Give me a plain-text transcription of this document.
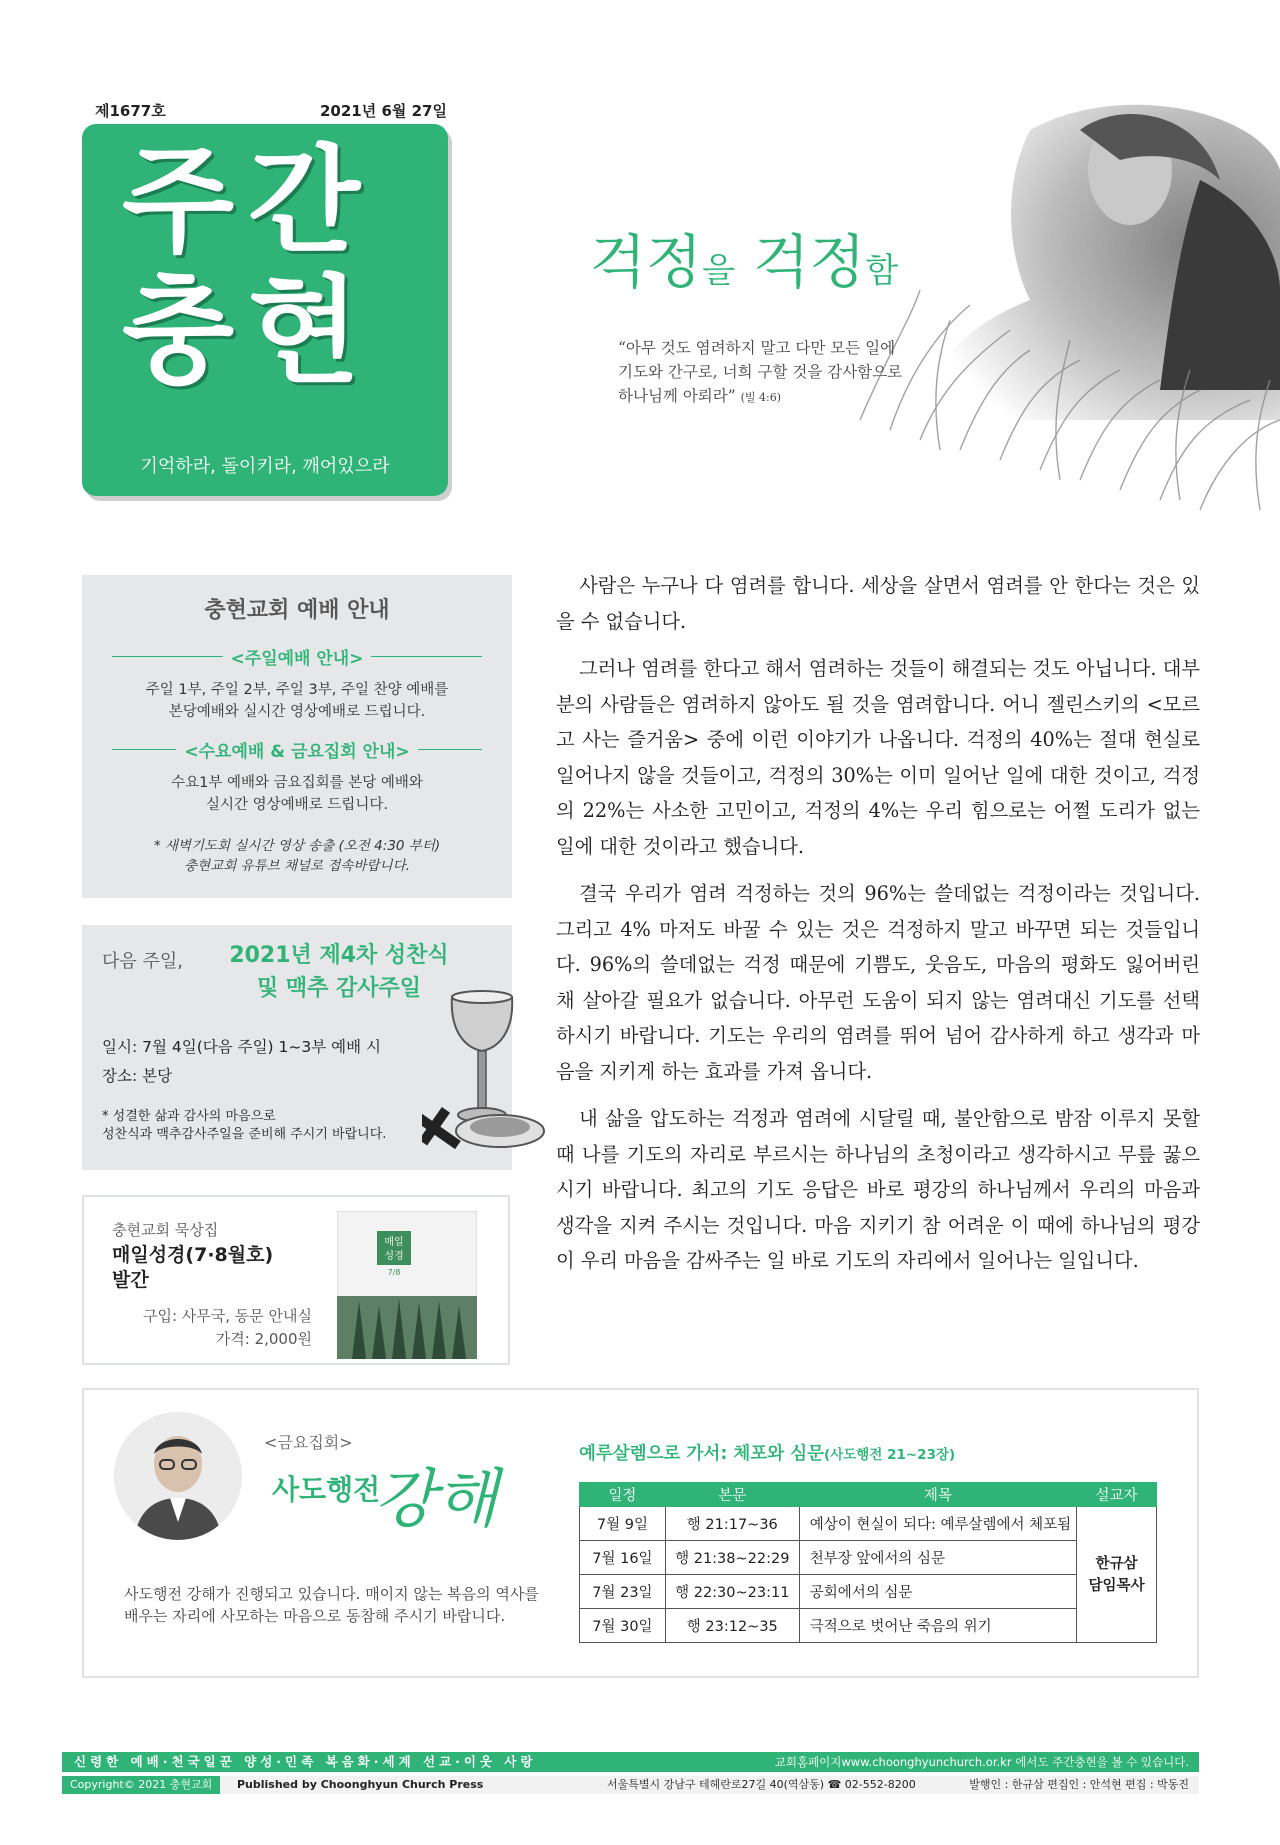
제1677호	2021년 6월 27일
주간
충현
기억하라, 돌이키라, 깨어있으라
걱정을 걱정함
“아무 것도 염려하지 말고 다만 모든 일에
기도와 간구로, 너희 구할 것을 감사함으로
하나님께 아뢰라” (빌 4:6)

사람은 누구나 다 염려를 합니다. 세상을 살면서 염려를 안 한다는 것은 있을 수 없습니다.

그러나 염려를 한다고 해서 염려하는 것들이 해결되는 것도 아닙니다. 대부분의 사람들은 염려하지 않아도 될 것을 염려합니다. 어니 젤린스키의 <모르고 사는 즐거움> 중에 이런 이야기가 나옵니다. 걱정의 40%는 절대 현실로 일어나지 않을 것들이고, 걱정의 30%는 이미 일어난 일에 대한 것이고, 걱정의 22%는 사소한 고민이고, 걱정의 4%는 우리 힘으로는 어쩔 도리가 없는 일에 대한 것이라고 했습니다.

결국 우리가 염려 걱정하는 것의 96%는 쓸데없는 걱정이라는 것입니다. 그리고 4% 마저도 바꿀 수 있는 것은 걱정하지 말고 바꾸면 되는 것들입니다. 96%의 쓸데없는 걱정 때문에 기쁨도, 웃음도, 마음의 평화도 잃어버린 채 살아갈 필요가 없습니다. 아무런 도움이 되지 않는 염려대신 기도를 선택하시기 바랍니다. 기도는 우리의 염려를 뛰어 넘어 감사하게 하고 생각과 마음을 지키게 하는 효과를 가져 옵니다.

내 삶을 압도하는 걱정과 염려에 시달릴 때, 불안함으로 밤잠 이루지 못할 때 나를 기도의 자리로 부르시는 하나님의 초청이라고 생각하시고 무릎 꿇으시기 바랍니다. 최고의 기도 응답은 바로 평강의 하나님께서 우리의 마음과 생각을 지켜 주시는 것입니다. 마음 지키기 참 어려운 이 때에 하나님의 평강이 우리 마음을 감싸주는 일 바로 기도의 자리에서 일어나는 일입니다.

충현교회 예배 안내
<주일예배 안내>
주일 1부, 주일 2부, 주일 3부, 주일 찬양 예배를
본당예배와 실시간 영상예배로 드립니다.
<수요예배 & 금요집회 안내>
수요1부 예배와 금요집회를 본당 예배와
실시간 영상예배로 드립니다.
* 새벽기도회 실시간 영상 송출 (오전 4:30 부터)
충현교회 유튜브 채널로 접속바랍니다.
다음 주일,	2021년 제4차 성찬식
및 맥추 감사주일
일시: 7월 4일(다음 주일) 1~3부 예배 시
장소: 본당
* 성결한 삶과 감사의 마음으로
성찬식과 맥추감사주일을 준비해 주시기 바랍니다.
충현교회 묵상집
매일성경(7·8월호)
발간
구입: 사무국, 동문 안내실
가격: 2,000원
매일
성경
7/8
<금요집회>
사도행전
강해
사도행전 강해가 진행되고 있습니다. 매이지 않는 복음의 역사를
배우는 자리에 사모하는 마음으로 동참해 주시기 바랍니다.
예루살렘으로 가서: 체포와 심문(사도행전 21~23장)
일정	본문	제목	설교자
7월 9일	행 21:17~36	예상이 현실이 되다: 예루살렘에서 체포됨	한규삼
담임목사

7월 16일	행 21:38~22:29	천부장 앞에서의 심문	
7월 23일	행 22:30~23:11	공회에서의 심문	
7월 30일	행 23:12~35	극적으로 벗어난 죽음의 위기	
신령한 예배·천국일꾼 양성·민족 복음화·세계 선교·이웃 사랑	교회홈페이지www.choonghyunchurch.or.kr 에서도 주간충현을 볼 수 있습니다.
Copyright© 2021 충현교회	Published by Choonghyun Church Press	서울특별시 강남구 테헤란로27길 40(역삼동) ☎ 02-552-8200	발행인 : 한규삼 편집인 : 안석현 편집 : 박동진
